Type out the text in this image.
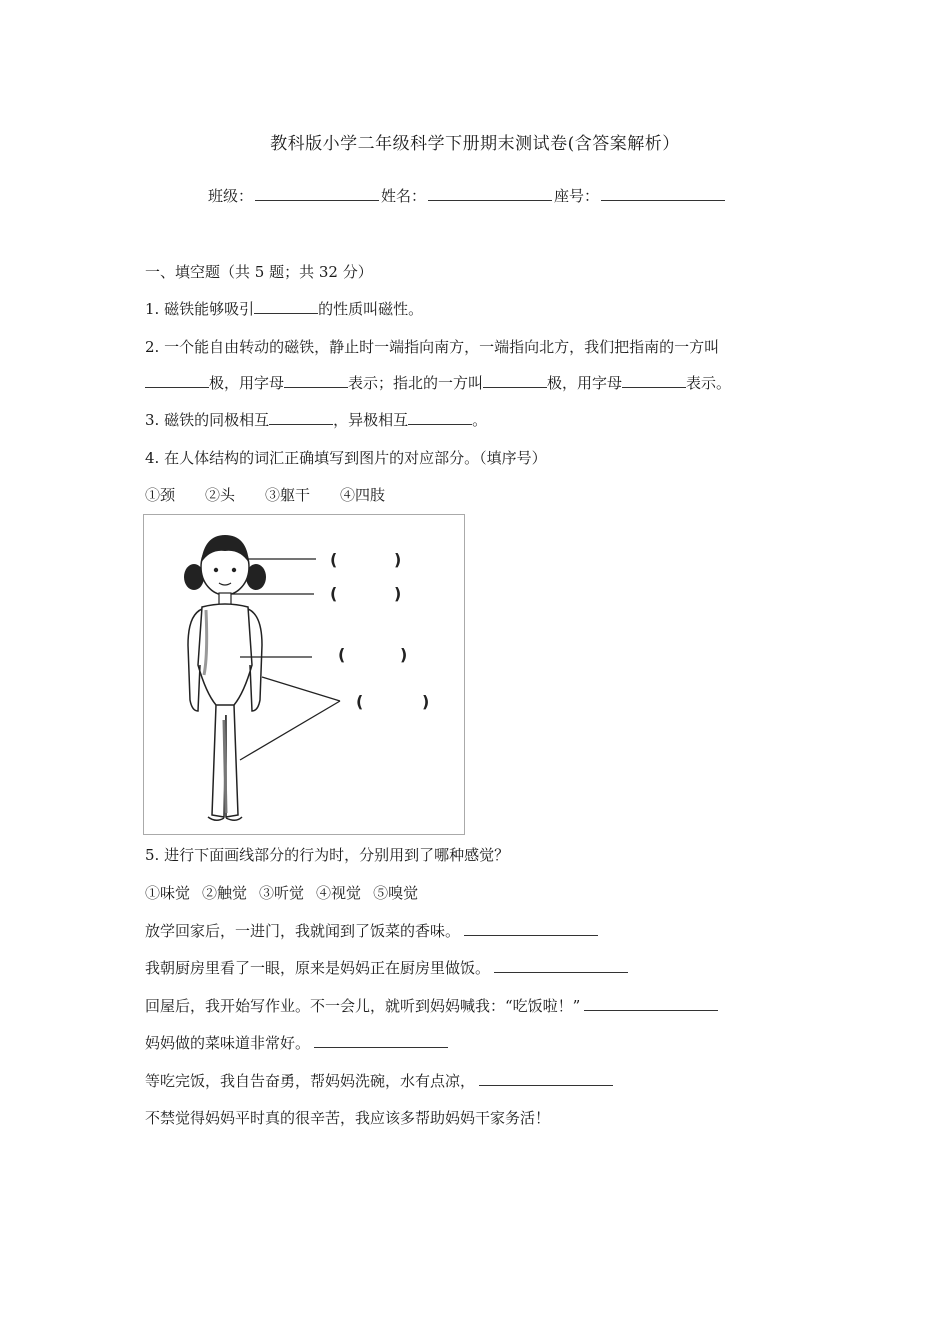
教科版小学二年级科学下册期末测试卷(含答案解析）
班级：	姓名：	座号：
一、填空题（共 5 题；共 32 分）
1. 磁铁能够吸引	的性质叫磁性。
2. 一个能自由转动的磁铁，静止时一端指向南方，一端指向北方，我们把指南的一方叫
极，用字母	表示；指北的一方叫	极，用字母	表示。
3. 磁铁的同极相互	，异极相互	。
4. 在人体结构的词汇正确填写到图片的对应部分。（填序号）
①颈 ②头 ③躯干 ④四肢
(	)
(	)
(	)
(	)
5. 进行下面画线部分的行为时，分别用到了哪种感觉？
①味觉 ②触觉 ③听觉 ④视觉 ⑤嗅觉
放学回家后，一进门，我就闻到了饭菜的香味。
我朝厨房里看了一眼，原来是妈妈正在厨房里做饭。
回屋后，我开始写作业。不一会儿，就听到妈妈喊我：“吃饭啦！”
妈妈做的菜味道非常好。
等吃完饭，我自告奋勇，帮妈妈洗碗，水有点凉，
不禁觉得妈妈平时真的很辛苦，我应该多帮助妈妈干家务活！
